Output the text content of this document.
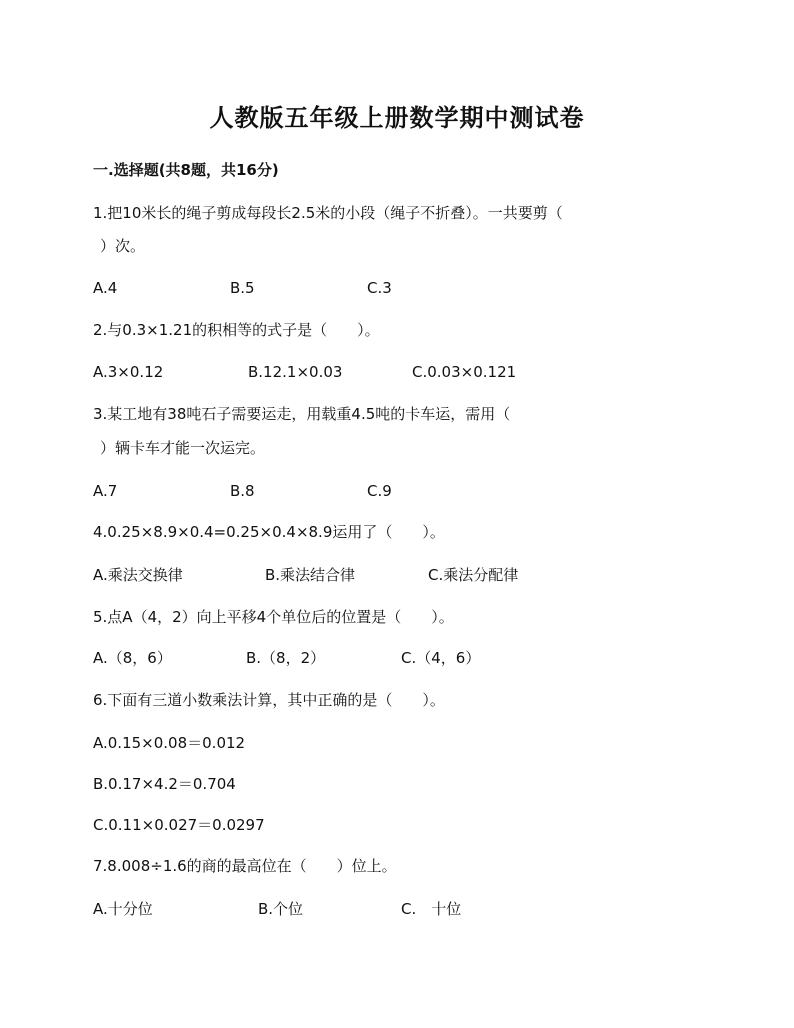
人教版五年级上册数学期中测试卷
一.选择题(共8题，共16分)
1.把10米长的绳子剪成每段长2.5米的小段（绳子不折叠）。一共要剪（
）次。
A.4	B.5	C.3
2.与0.3×1.21的积相等的式子是（　　）。
A.3×0.12	B.12.1×0.03	C.0.03×0.121
3.某工地有38吨石子需要运走，用载重4.5吨的卡车运，需用（
）辆卡车才能一次运完。
A.7	B.8	C.9
4.0.25×8.9×0.4=0.25×0.4×8.9运用了（　　）。
A.乘法交换律	B.乘法结合律	C.乘法分配律
5.点A（4，2）向上平移4个单位后的位置是（　　）。
A.（8，6）	B.（8，2）	C.（4，6）
6.下面有三道小数乘法计算，其中正确的是（　　）。
A.0.15×0.08＝0.012
B.0.17×4.2＝0.704
C.0.11×0.027＝0.0297
7.8.008÷1.6的商的最高位在（　　）位上。
A.十分位	B.个位	C.　十位
